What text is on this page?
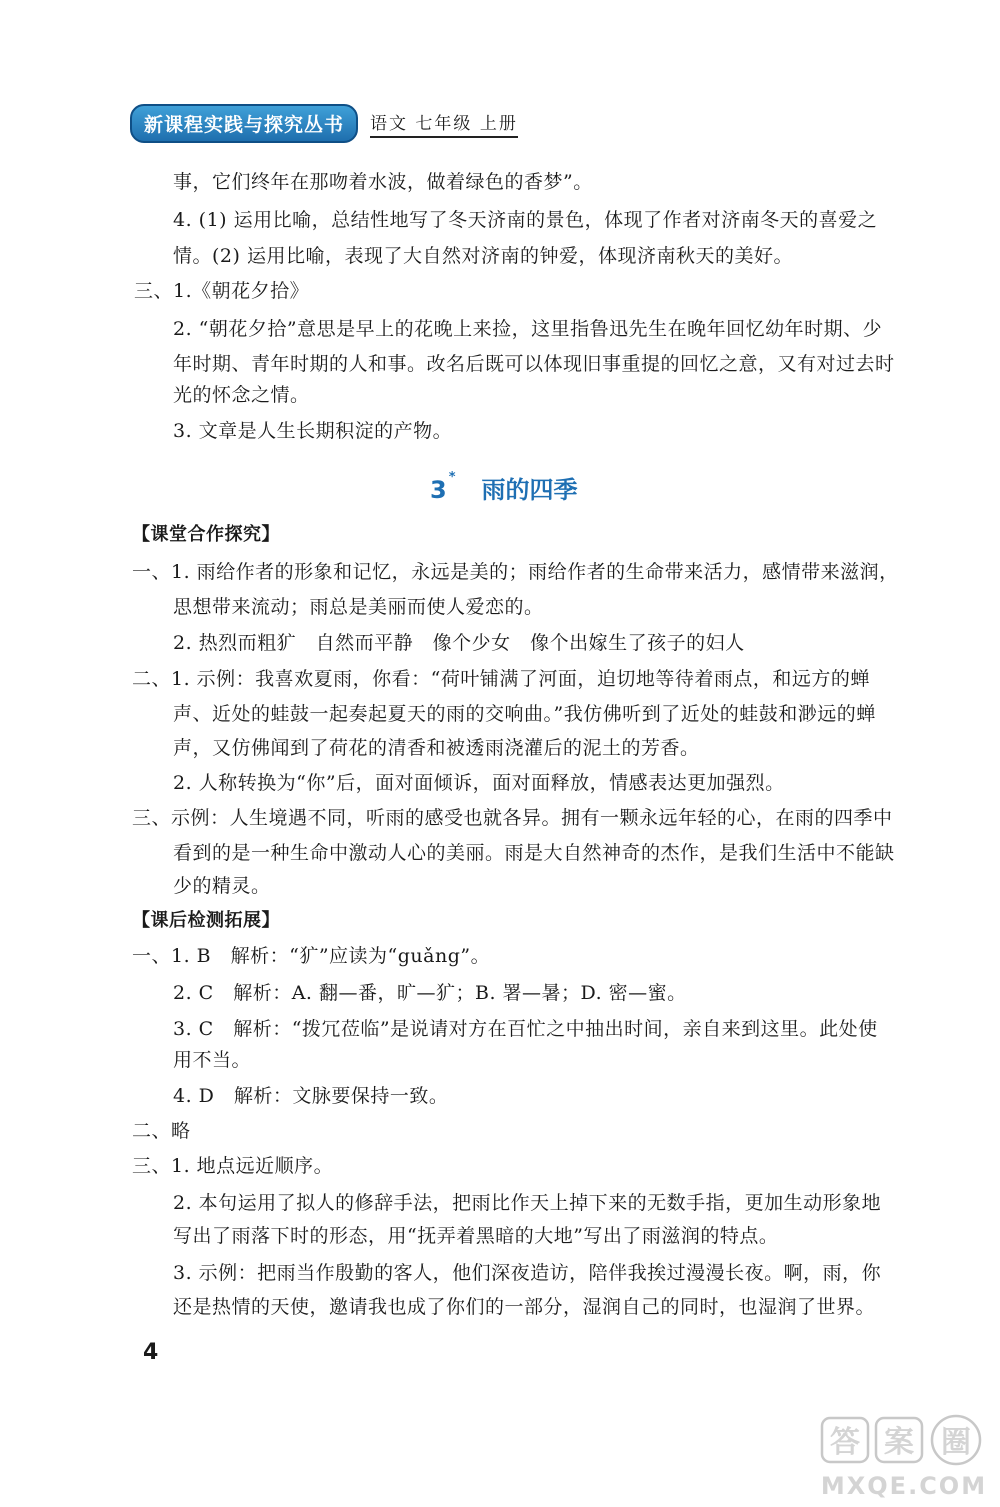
新课程实践与探究丛书	语文 七年级 上册
事，它们终年在那吻着水波，做着绿色的香梦”。
4. (1) 运用比喻，总结性地写了冬天济南的景色，体现了作者对济南冬天的喜爱之
情。(2) 运用比喻，表现了大自然对济南的钟爱，体现济南秋天的美好。
三、1.《朝花夕拾》
2. “朝花夕拾”意思是早上的花晚上来捡，这里指鲁迅先生在晚年回忆幼年时期、少
年时期、青年时期的人和事。改名后既可以体现旧事重提的回忆之意，又有对过去时
光的怀念之情。
3. 文章是人生长期积淀的产物。
3 * 雨的四季
【课堂合作探究】
一、1. 雨给作者的形象和记忆，永远是美的；雨给作者的生命带来活力，感情带来滋润，
思想带来流动；雨总是美丽而使人爱恋的。
2. 热烈而粗犷　自然而平静　像个少女　像个出嫁生了孩子的妇人
二、1. 示例：我喜欢夏雨，你看：“荷叶铺满了河面，迫切地等待着雨点，和远方的蝉
声、近处的蛙鼓一起奏起夏天的雨的交响曲。”我仿佛听到了近处的蛙鼓和渺远的蝉
声，又仿佛闻到了荷花的清香和被透雨浇灌后的泥土的芳香。
2. 人称转换为“你”后，面对面倾诉，面对面释放，情感表达更加强烈。
三、示例：人生境遇不同，听雨的感受也就各异。拥有一颗永远年轻的心，在雨的四季中
看到的是一种生命中激动人心的美丽。雨是大自然神奇的杰作，是我们生活中不能缺
少的精灵。
【课后检测拓展】
一、1. B　解析：“犷”应读为“guǎng”。
2. C　解析：A. 翻—番，旷—犷；B. 署—暑；D. 密—蜜。
3. C　解析：“拨冗莅临”是说请对方在百忙之中抽出时间，亲自来到这里。此处使
用不当。
4. D　解析：文脉要保持一致。
二、略
三、1. 地点远近顺序。
2. 本句运用了拟人的修辞手法，把雨比作天上掉下来的无数手指，更加生动形象地
写出了雨落下时的形态，用“抚弄着黑暗的大地”写出了雨滋润的特点。
3. 示例：把雨当作殷勤的客人，他们深夜造访，陪伴我挨过漫漫长夜。啊，雨，你
还是热情的天使，邀请我也成了你们的一部分，湿润自己的同时，也湿润了世界。
4
答 案 圈
MXQE.COM
